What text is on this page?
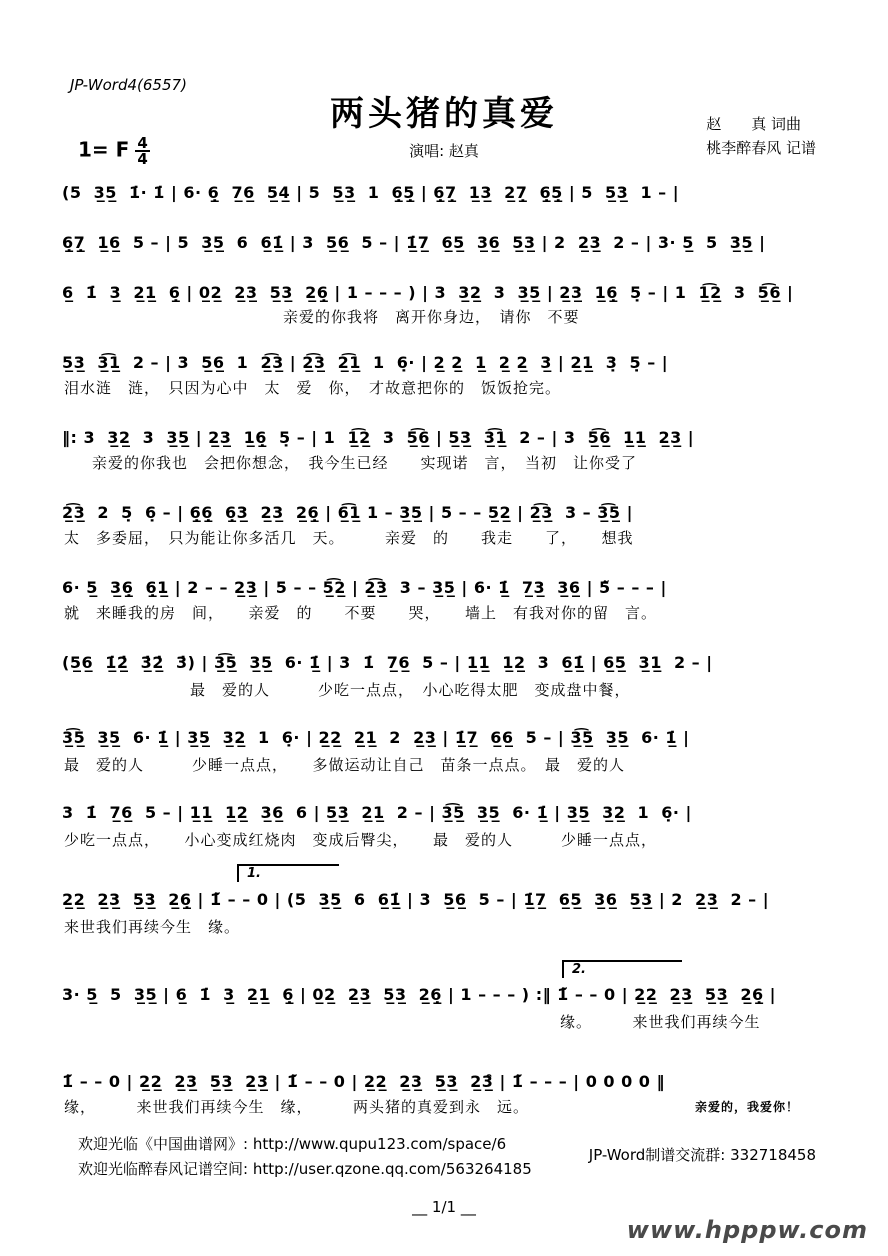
JP-Word4(6557)
两头猪的真爱
1= F $\frac{4}{4}$	演唱: 赵真
赵　　真 词曲
桃李醉春风 记谱
(5  3̲5̲  1̇· 1̇ | 6· 6̲̣  7̲6̲  5̲4̲ | 5  5̲3̲  1  6̲̣5̲̣ | 6̲̣7̲̣  1̲3̲  2̲7̲̣  6̲̣5̲̣ | 5  5̲3̲  1 – |
6̲̣7̲̣  1̲6̲  5 – | 5  3̲5̲  6  6̲1̲̇ | 3  5̲6̲  5 – | 1̲̇7̲  6̲5̲  3̲6̲  5̲3̲ | 2  2̲3̲  2 – | 3· 5̲  5  3̲5̲ |
6̲  1̇  3̲  2̲1̲  6̲̣ | 0̲2̲  2̲3̲  5̲3̲  2̲6̲̣ | 1 – – – ) | 3  3̲2̲  3  3̲5̲ | 2̲3̲  1̲6̲̣  5̣ – | 1  1̲͡2̲  3  5̲͡6̲ |
亲爱的你我将　离开你身边，　请你　不要
5̲3̲  3̲͡1̲  2 – | 3  5̲6̲  1  2̲͡3̲ | 2̲͡3̲  2̲͡1̲  1  6̣· | 2̲ 2̲  1̲  2̲ 2̲  3̲ | 2̲1̲  3̣  5̣ – |
泪水涟　涟，　只因为心中　太　爱　你，　才故意把你的　饭饭抢完。
‖: 3  3̲2̲  3  3̲5̲ | 2̲3̲  1̲6̲̣  5̣ – | 1  1̲͡2̲  3  5̲͡6̲ | 5̲3̲  3̲͡1̲  2 – | 3  5̲͡6̲  1̲1̲  2̲3̲ |
亲爱的你我也　会把你想念，　我今生已经　　实现诺　言，　当初　让你受了
2̲͡3̲  2  5̣  6̣ – | 6̲̣6̲̣  6̲̣3̲  2̲3̲  2̲6̲̣ | 6̲͡1̲ 1 – 3̲5̲ | 5 – – 5̲2̲ | 2̲͡3̲  3 – 3̲͡5̲ |
太　多委屈，　只为能让你多活几　天。　　　亲爱　的　　我走　　了，　　想我
6· 5̲  3̲6̲̣  6̲̣1̲ | 2 – – 2̲3̲ | 5 – – 5̲͡2̲ | 2̲͡3̲  3 – 3̲5̲ | 6· 1̲̇  7̲3̲  3̲6̲ | 5̃ – – – |
就　来睡我的房　间，　　亲爱　的　　不要　　哭，　　墙上　有我对你的留　言。
(5̲6̲  1̲̇2̲̇  3̲̇2̲̇  3̇) | 3̲͡5̲  3̲5̲  6· 1̲̇ | 3  1̇  7̲6̲  5 – | 1̲1̲  1̲2̲  3  6̲1̲̇ | 6̲5̲  3̲1̲  2 – |
最　爱的人　　　少吃一点点，　小心吃得太肥　变成盘中餐，
3̲͡5̲  3̲5̲  6· 1̲̇ | 3̲5̲  3̲2̲  1  6̣· | 2̲2̲  2̲1̲  2  2̲3̲ | 1̲̇7̲  6̲6̲  5 – | 3̲͡5̲  3̲5̲  6· 1̲̇ |
最　爱的人　　　少睡一点点，　　多做运动让自己　苗条一点点。　最　爱的人
3  1̇  7̲6̲  5 – | 1̲1̲  1̲2̲  3̲6̲  6 | 5̲3̲  2̲1̲  2 – | 3̲͡5̲  3̲5̲  6· 1̲̇ | 3̲5̲  3̲2̲  1  6̣· |
少吃一点点，　　小心变成红烧肉　变成后臀尖，　　最　爱的人　　　少睡一点点，
2̲2̲  2̲3̲  5̲3̲  2̲6̲̣ | 1̇̃ – – 0 | (5  3̲5̲  6  6̲1̲̇ | 3  5̲6̲  5 – | 1̲̇7̲  6̲5̲  3̲6̲  5̲3̲ | 2  2̲3̲  2 – |
来世我们再续今生　缘。
3· 5̲  5  3̲5̲ | 6̲  1̇  3̲  2̲1̲  6̲̣ | 0̲2̲  2̲3̲  5̲3̲  2̲6̲̣ | 1 – – – ) :‖ 1̇̃ – – 0 | 2̲2̲  2̲3̲  5̲3̲  2̲6̲̣ |
缘。　　　来世我们再续今生
1̇̃ – – 0 | 2̲2̲  2̲3̲  5̲3̲  2̲3̲ | 1̇̃ – – 0 | 2̲2̲  2̲3̲  5̲3̲  2̲3̲̑ | 1̇̃ – – – | 0 0 0 0 ‖
缘，　　　来世我们再续今生　缘，　　　两头猪的真爱到永　远。	亲爱的，我爱你！
1.
2.
欢迎光临《中国曲谱网》: http://www.qupu123.com/space/6
欢迎光临醉春风记谱空间: http://user.qzone.qq.com/563264185
JP-Word制谱交流群: 332718458
__ 1/1 __
www.hpppw.com
